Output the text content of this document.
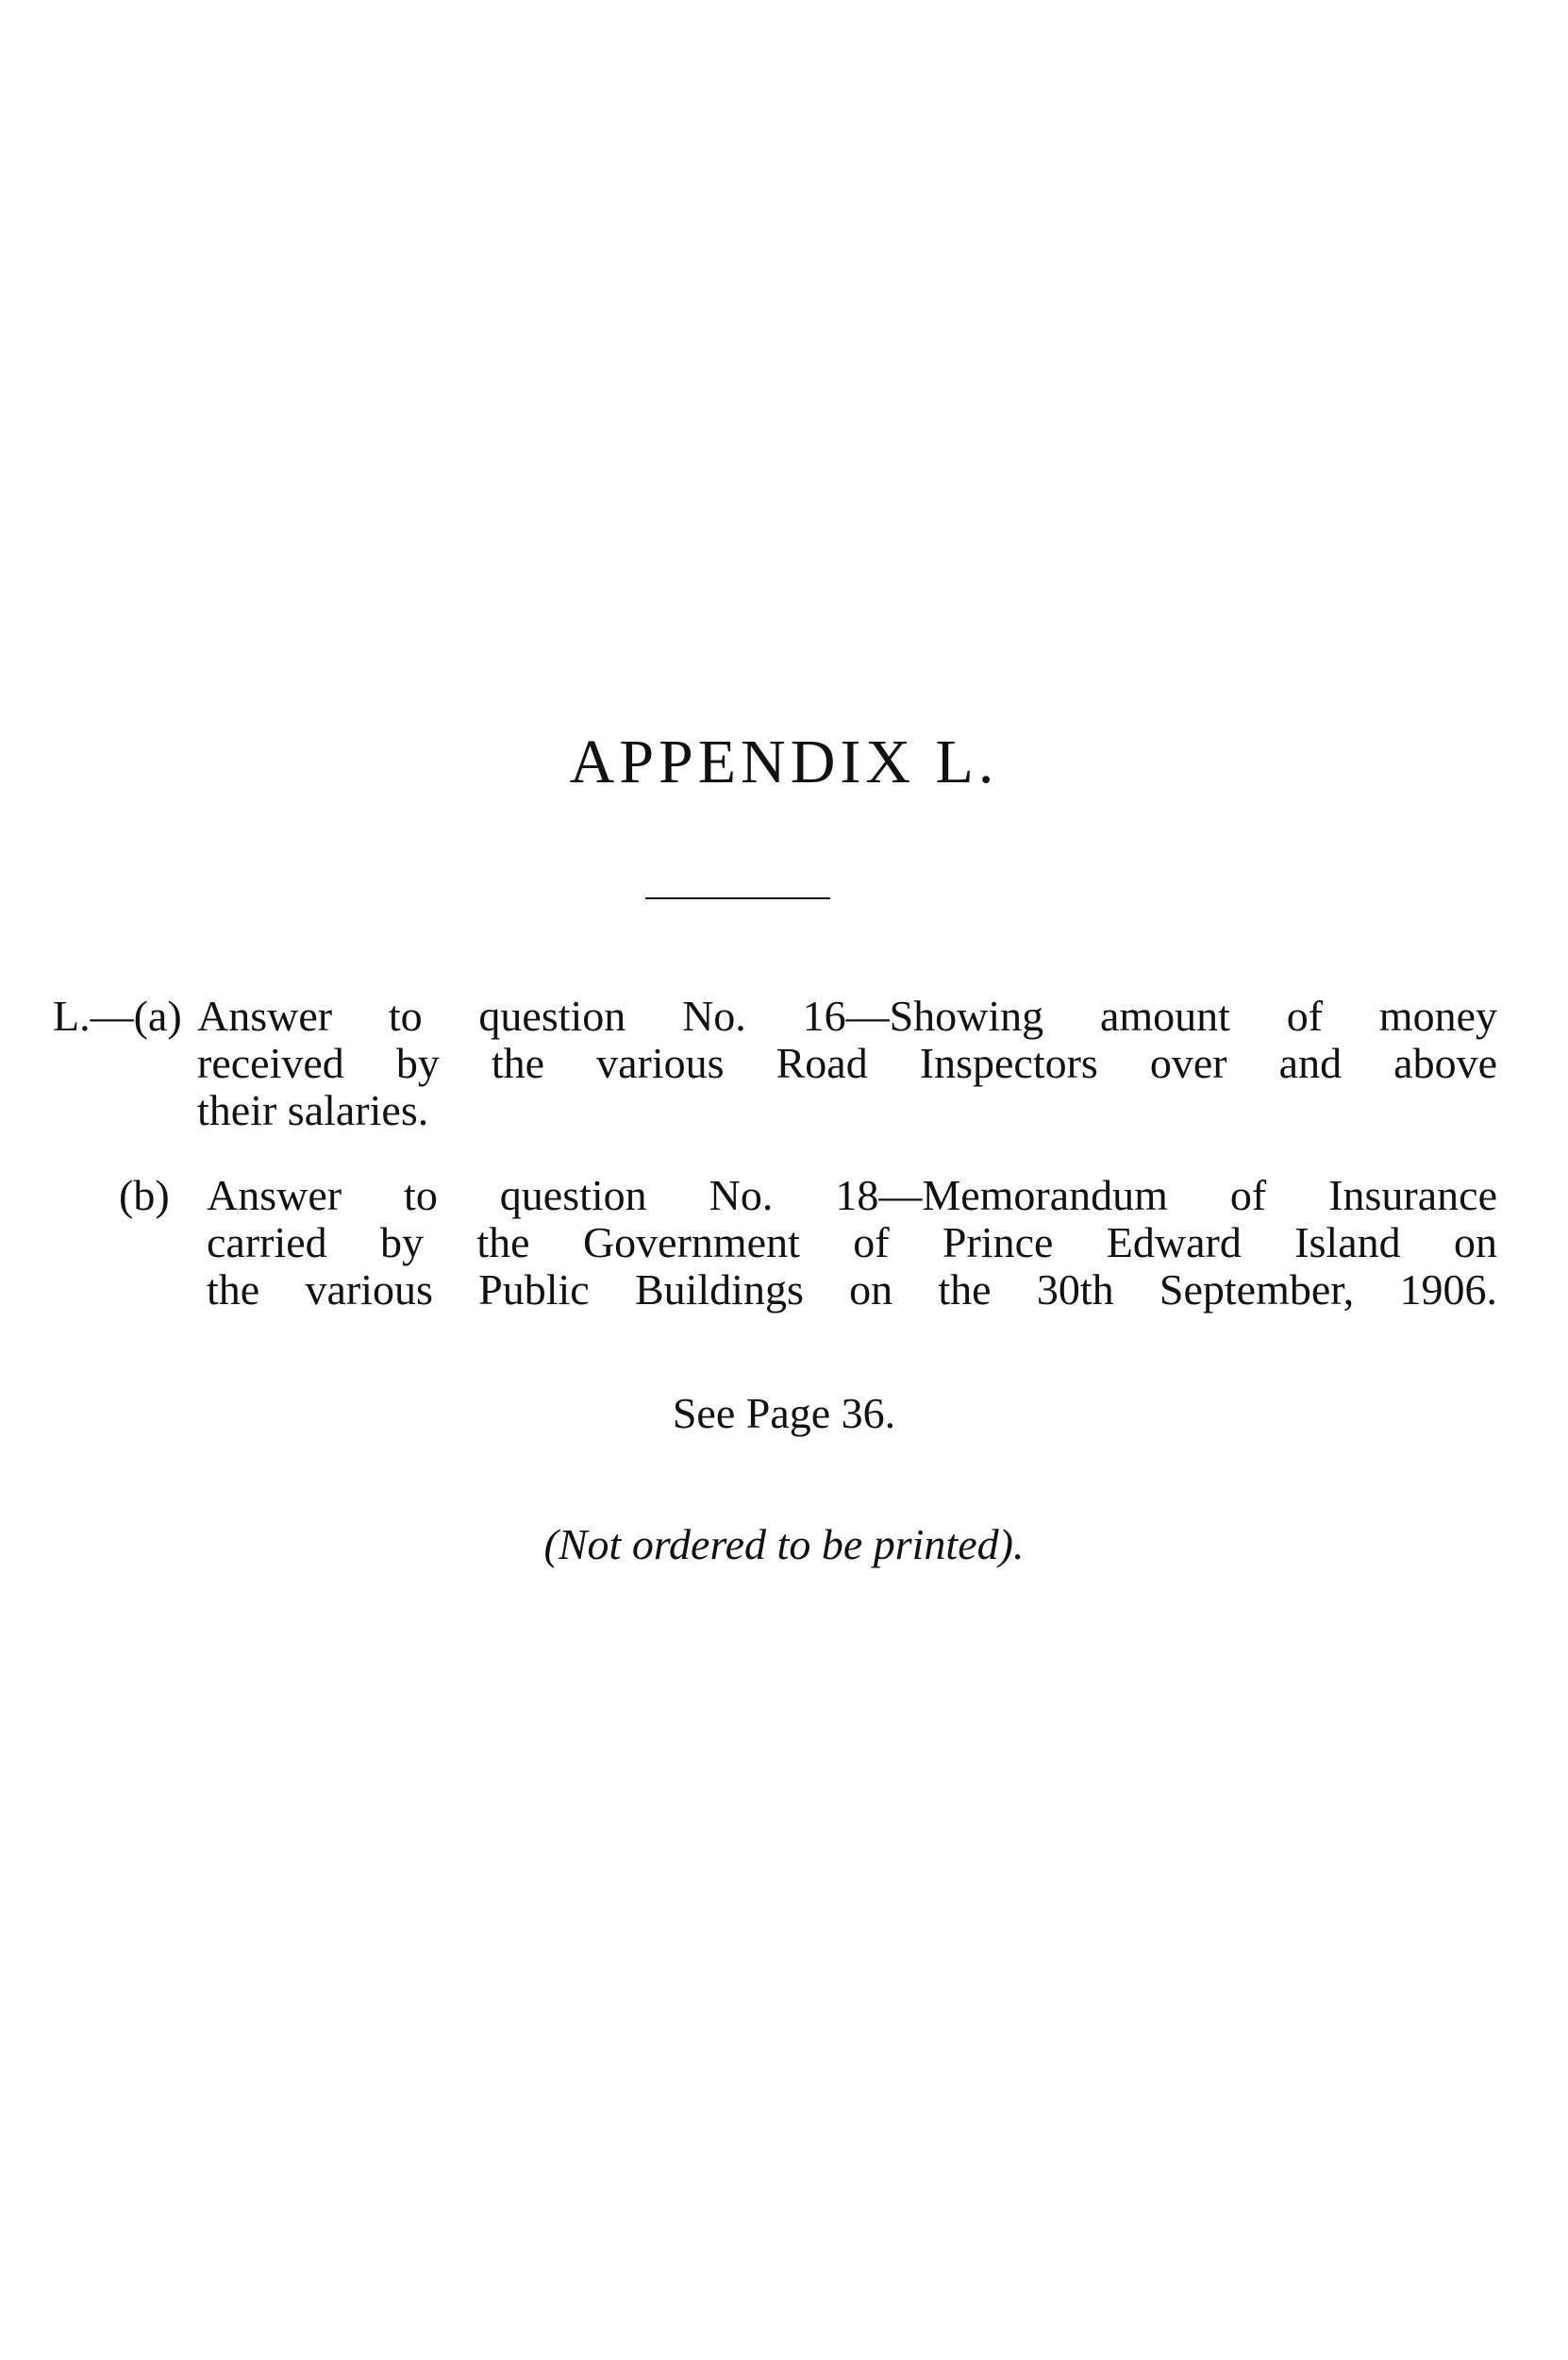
APPENDIX L.
L.—(a) Answer to question No. 16—Showing amount of money
received by the various Road Inspectors over and above
their salaries.
(b) Answer to question No. 18—Memorandum of Insurance
carried by the Government of Prince Edward Island on
the various Public Buildings on the 30th September, 1906.
See Page 36.
(Not ordered to be printed).
